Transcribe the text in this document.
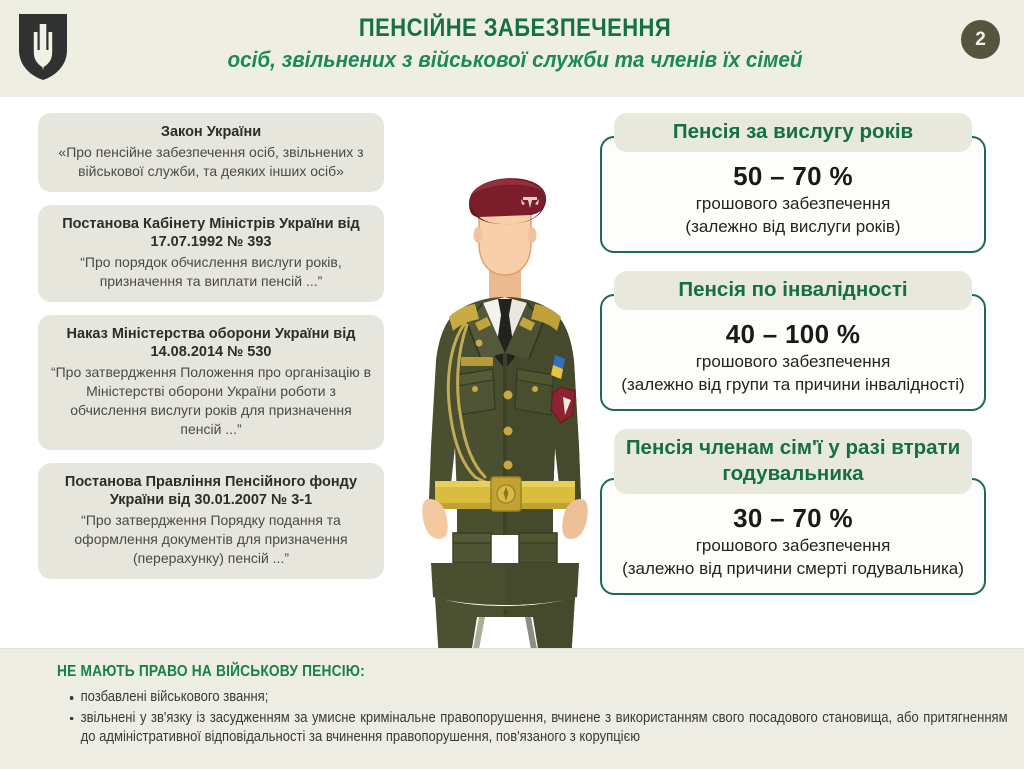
ПЕНСІЙНЕ ЗАБЕЗПЕЧЕННЯ
осіб, звільнених з військової служби та членів їх сімей
2
Закон України
«Про пенсійне забезпечення осіб, звільнених з військової служби, та деяких інших осіб»
Постанова Кабінету Міністрів України від 17.07.1992 № 393
“Про порядок обчислення вислуги років, призначення та виплати пенсій ...”
Наказ Міністерства оборони України від 14.08.2014 № 530
“Про затвердження Положення про організацію в Міністерстві оборони України роботи з обчислення вислуги років для призначення пенсій ...”
Постанова Правління Пенсійного фонду України від 30.01.2007 № 3-1
“Про затвердження Порядку подання та оформлення документів для призначення (перерахунку) пенсій ...”
Пенсія за вислугу років
50 – 70 %
грошового забезпечення
(залежно від вислуги років)
Пенсія по інвалідності
40 – 100 %
грошового забезпечення
(залежно від групи та причини інвалідності)
Пенсія членам сім'ї у разі втрати годувальника
30 – 70 %
грошового забезпечення
(залежно від причини смерті годувальника)
НЕ МАЮТЬ ПРАВО НА ВІЙСЬКОВУ ПЕНСІЮ:
позбавлені військового звання;
звільнені у зв'язку із засудженням за умисне кримінальне правопорушення, вчинене з використанням свого посадового становища, або притягненням до адміністративної відповідальності за вчинення правопорушення, пов'язаного з корупцією
